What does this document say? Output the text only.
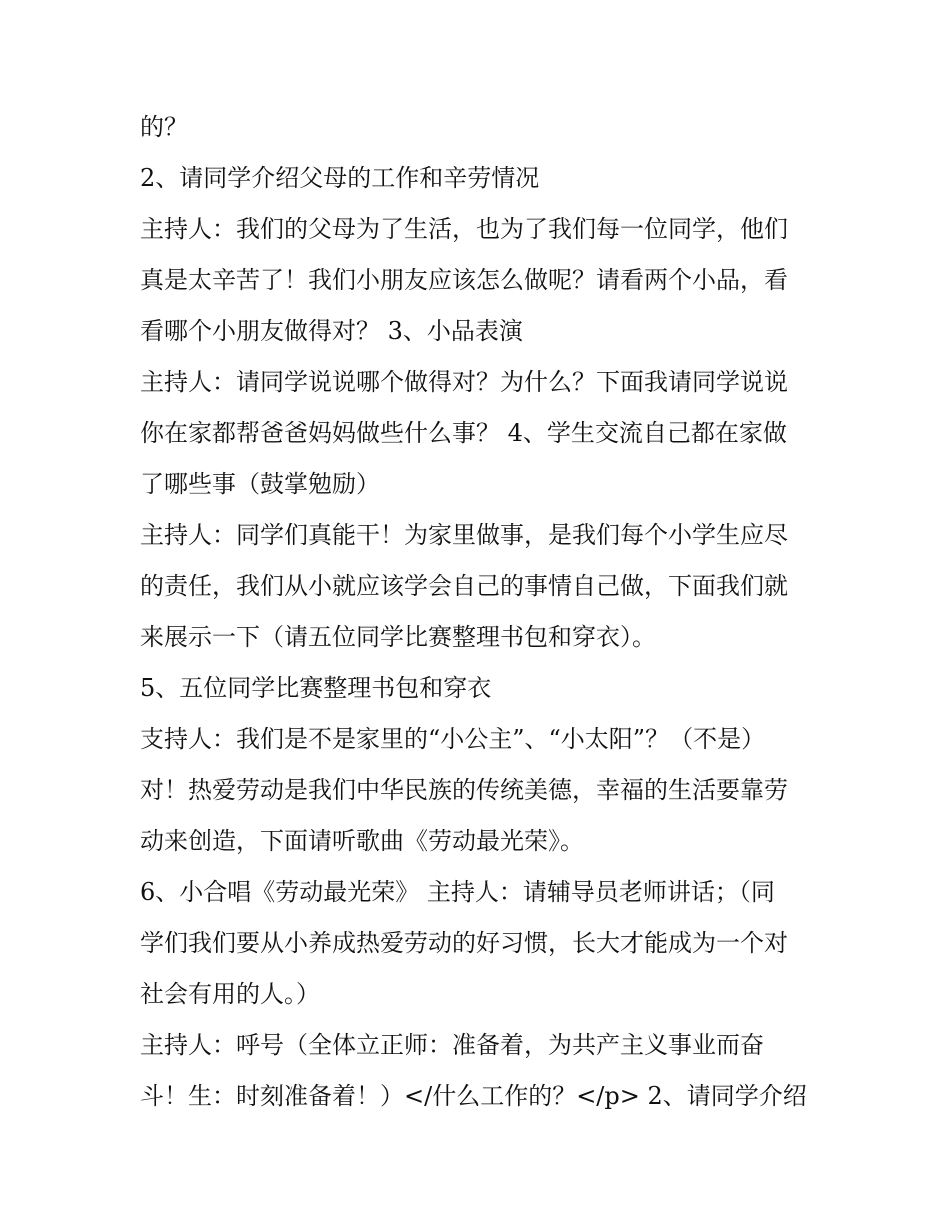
的？
2、请同学介绍父母的工作和辛劳情况
主持人：我们的父母为了生活，也为了我们每一位同学，他们
真是太辛苦了！我们小朋友应该怎么做呢？请看两个小品，看
看哪个小朋友做得对？ 3、小品表演
主持人：请同学说说哪个做得对？为什么？下面我请同学说说
你在家都帮爸爸妈妈做些什么事？ 4、学生交流自己都在家做
了哪些事（鼓掌勉励）
主持人：同学们真能干！为家里做事，是我们每个小学生应尽
的责任，我们从小就应该学会自己的事情自己做，下面我们就
来展示一下（请五位同学比赛整理书包和穿衣）。
5、五位同学比赛整理书包和穿衣
支持人：我们是不是家里的“小公主”、“小太阳”？（不是）
对！热爱劳动是我们中华民族的传统美德，幸福的生活要靠劳
动来创造，下面请听歌曲《劳动最光荣》。
6、小合唱《劳动最光荣》 主持人：请辅导员老师讲话；（同
学们我们要从小养成热爱劳动的好习惯，长大才能成为一个对
社会有用的人。）
主持人：呼号（全体立正师：准备着，为共产主义事业而奋
斗！生：时刻准备着！）</什么工作的？</p> 2、请同学介绍
